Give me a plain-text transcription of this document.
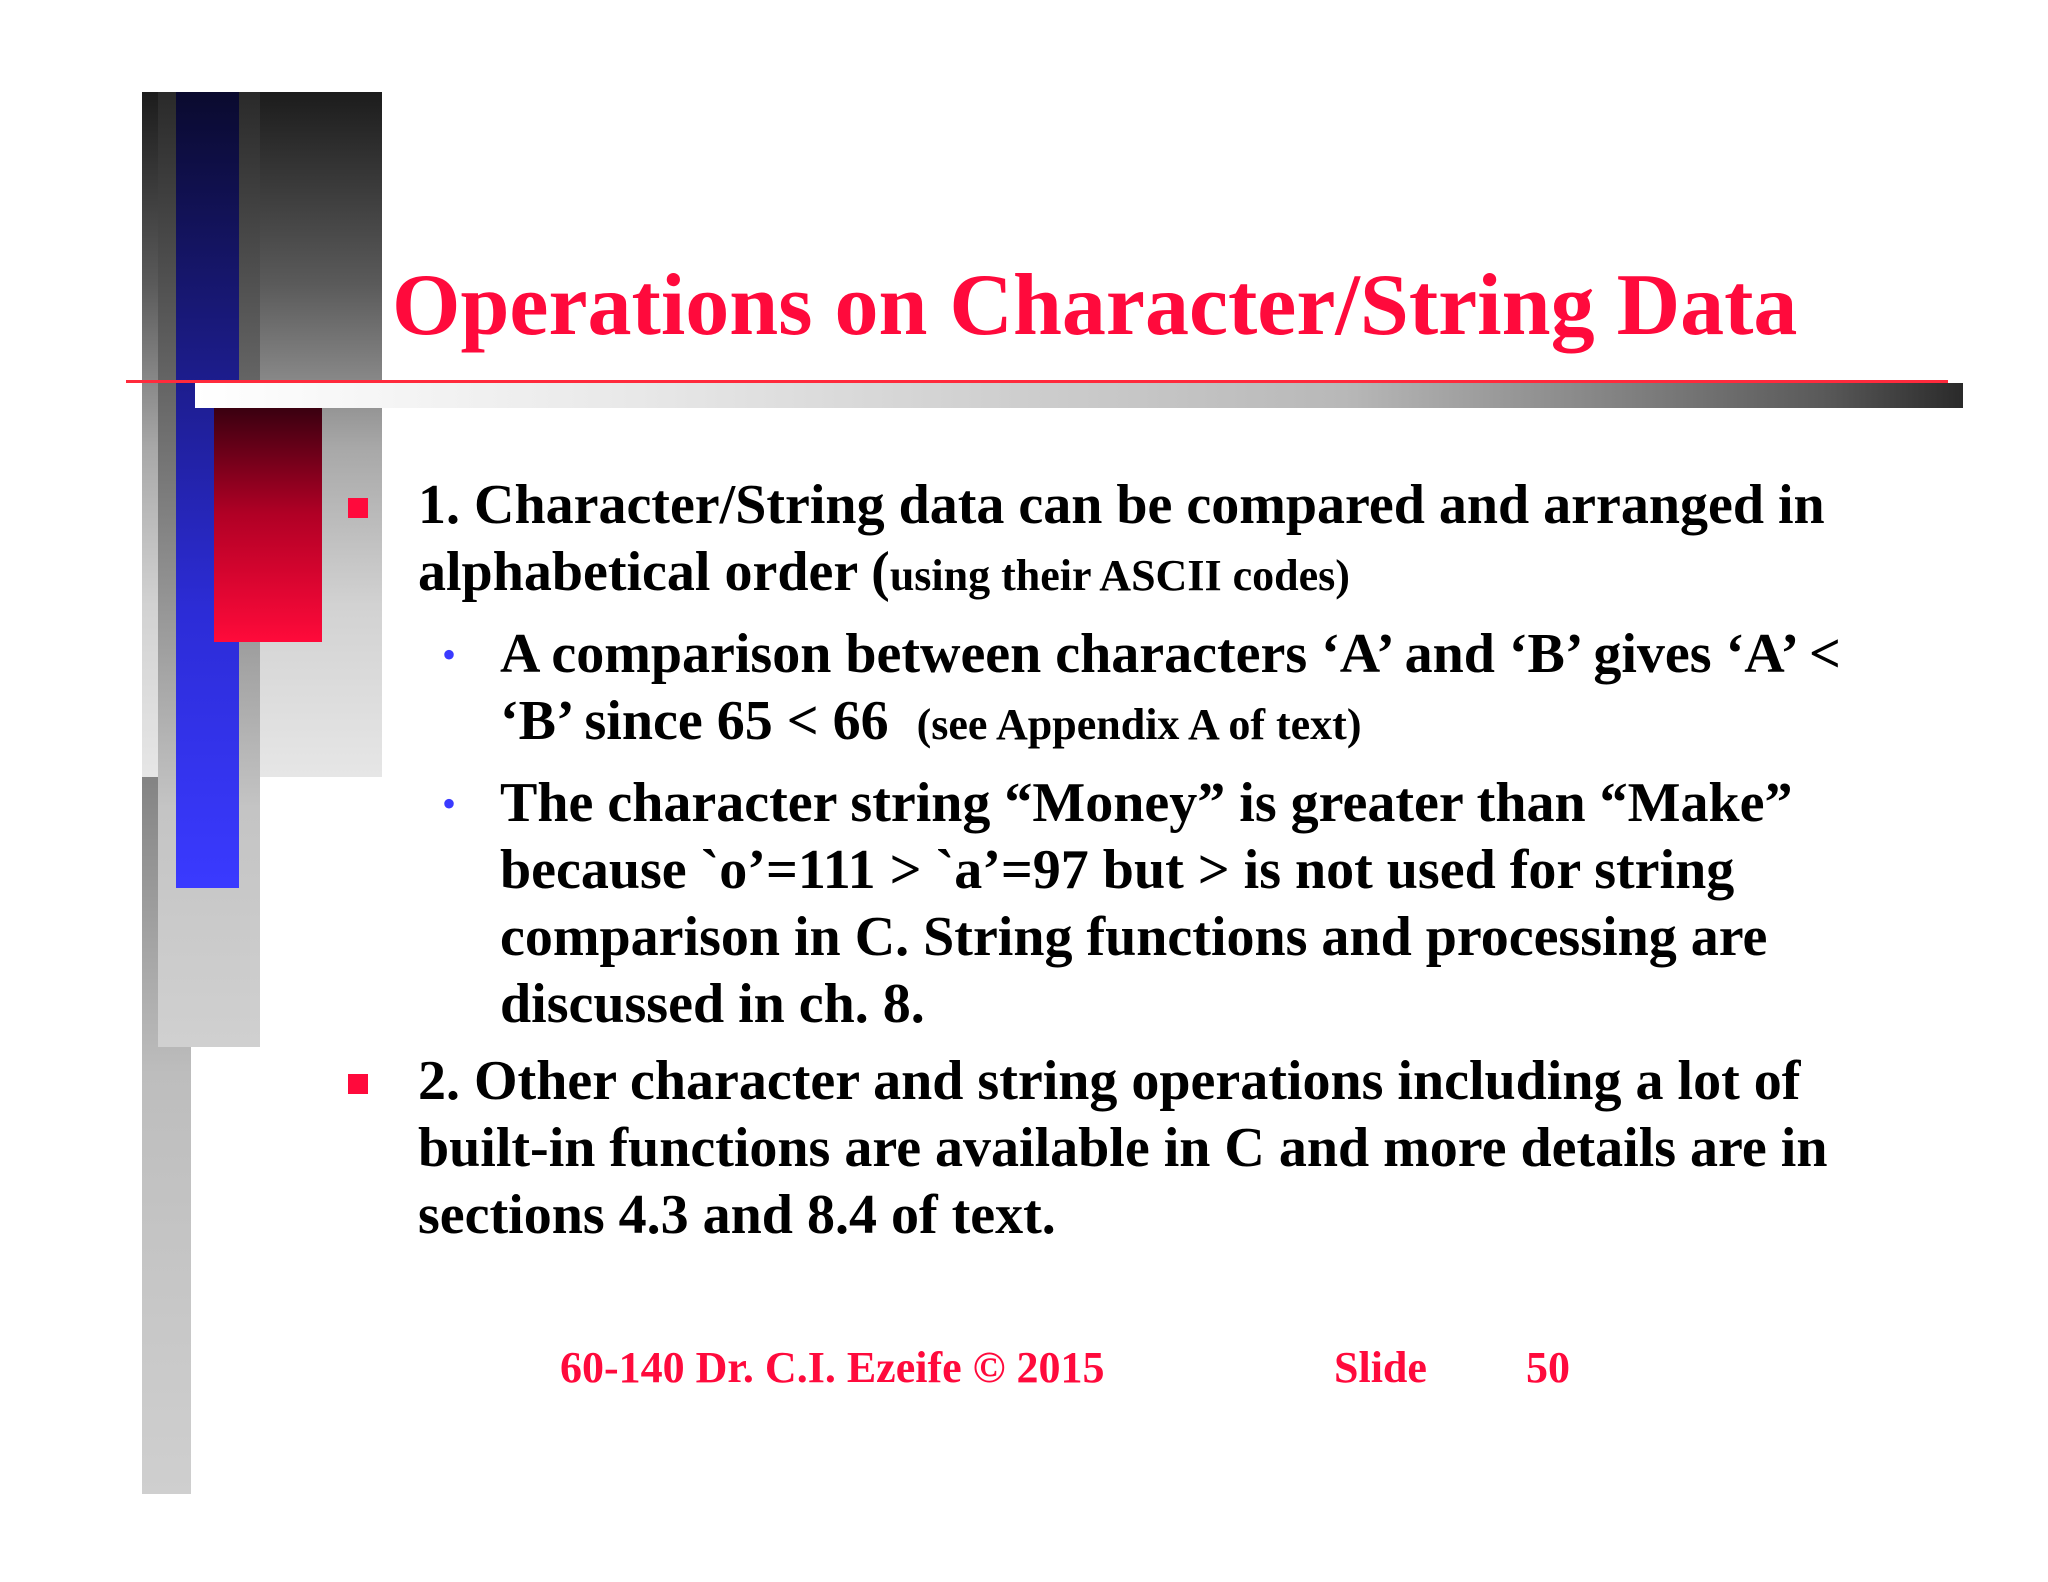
Operations on Character/String Data
1. Character/String data can be compared and arranged in alphabetical order (using their ASCII codes)
• A comparison between characters ‘A’ and ‘B’ gives ‘A’ < ‘B’ since 65 < 66 (see Appendix A of text)
• The character string “Money” is greater than “Make” because `o’=111 > `a’=97 but > is not used for string comparison in C. String functions and processing are discussed in ch. 8.
2. Other character and string operations including a lot of built-in functions are available in C and more details are in sections 4.3 and 8.4 of text.
60-140 Dr. C.I. Ezeife © 2015	Slide 50
